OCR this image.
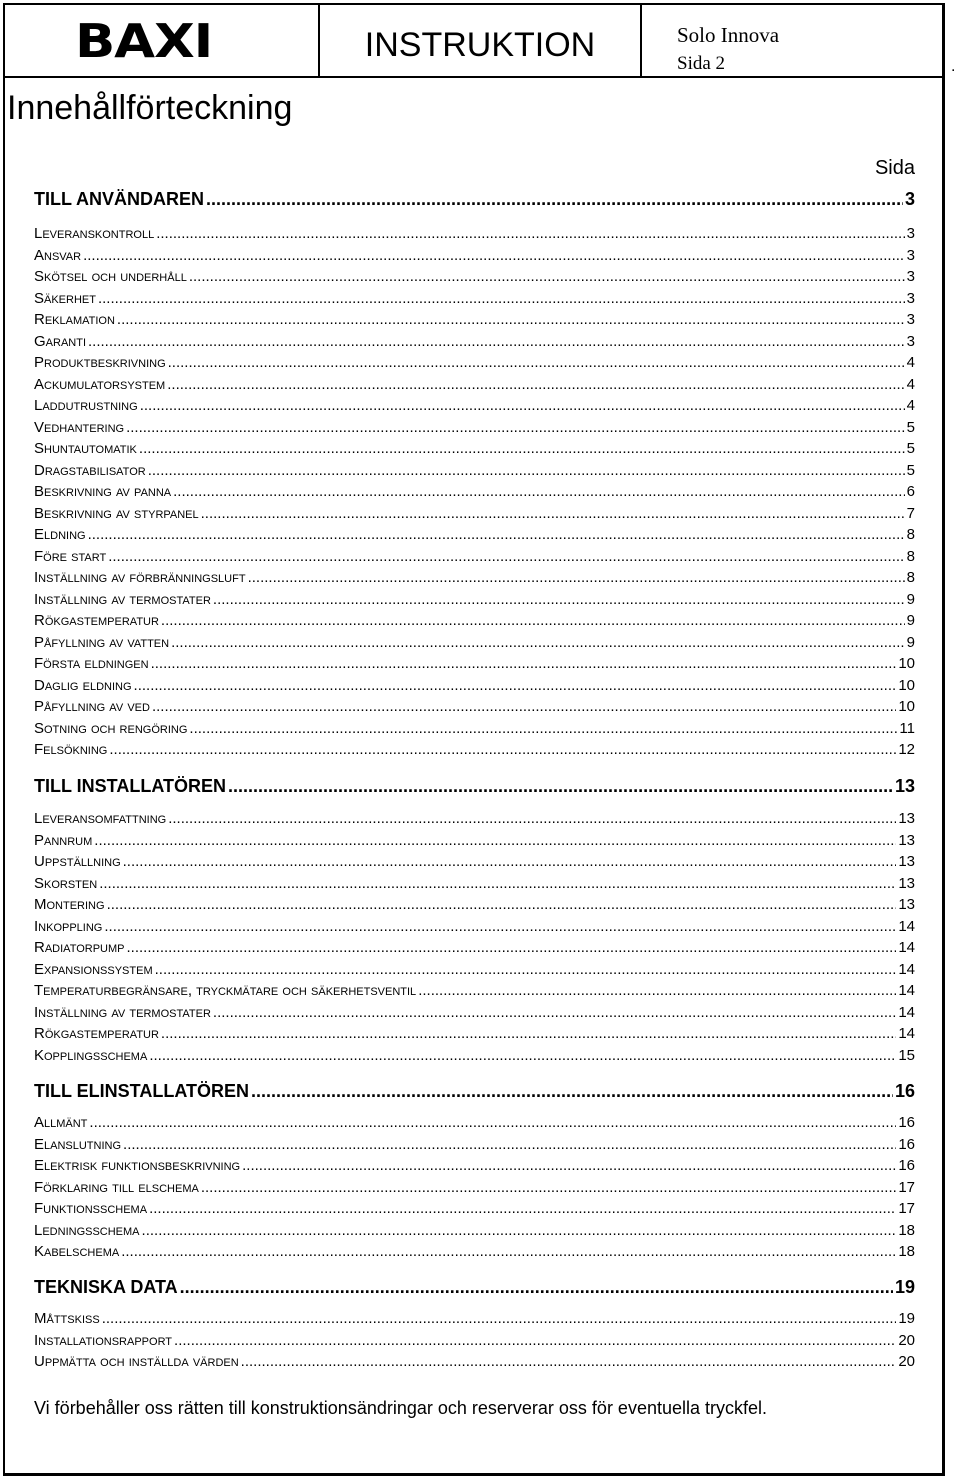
BAXI	INSTRUKTION	Solo Innova
Sida 2	.
Innehållförteckning
Sida
TILL ANVÄNDAREN .....	3
Leveranskontroll .....	3
Ansvar .....	3
Skötsel och underhåll .....	3
Säkerhet .....	3
Reklamation .....	3
Garanti .....	3
Produktbeskrivning .....	4
Ackumulatorsystem .....	4
Laddutrustning .....	4
Vedhantering .....	5
Shuntautomatik .....	5
Dragstabilisator .....	5
Beskrivning av panna .....	6
Beskrivning av styrpanel .....	7
Eldning .....	8
Före start .....	8
Inställning av förbränningsluft .....	8
Inställning av termostater .....	9
Rökgastemperatur .....	9
Påfyllning av vatten .....	9
Första eldningen .....	10
Daglig eldning .....	10
Påfyllning av ved .....	10
Sotning och rengöring .....	11
Felsökning .....	12
TILL INSTALLATÖREN .....	13
Leveransomfattning .....	13
Pannrum .....	13
Uppställning .....	13
Skorsten .....	13
Montering .....	13
Inkoppling .....	14
Radiatorpump .....	14
Expansionssystem .....	14
Temperaturbegränsare, tryckmätare och säkerhetsventil .....	14
Inställning av termostater .....	14
Rökgastemperatur .....	14
Kopplingsschema .....	15
TILL ELINSTALLATÖREN .....	16
Allmänt .....	16
Elanslutning .....	16
Elektrisk funktionsbeskrivning .....	16
Förklaring till elschema .....	17
Funktionsschema .....	17
Ledningsschema .....	18
Kabelschema .....	18
TEKNISKA DATA .....	19
Måttskiss .....	19
Installationsrapport .....	20
Uppmätta och inställda värden .....	20
Vi förbehåller oss rätten till konstruktionsändringar och reserverar oss för eventuella tryckfel.
